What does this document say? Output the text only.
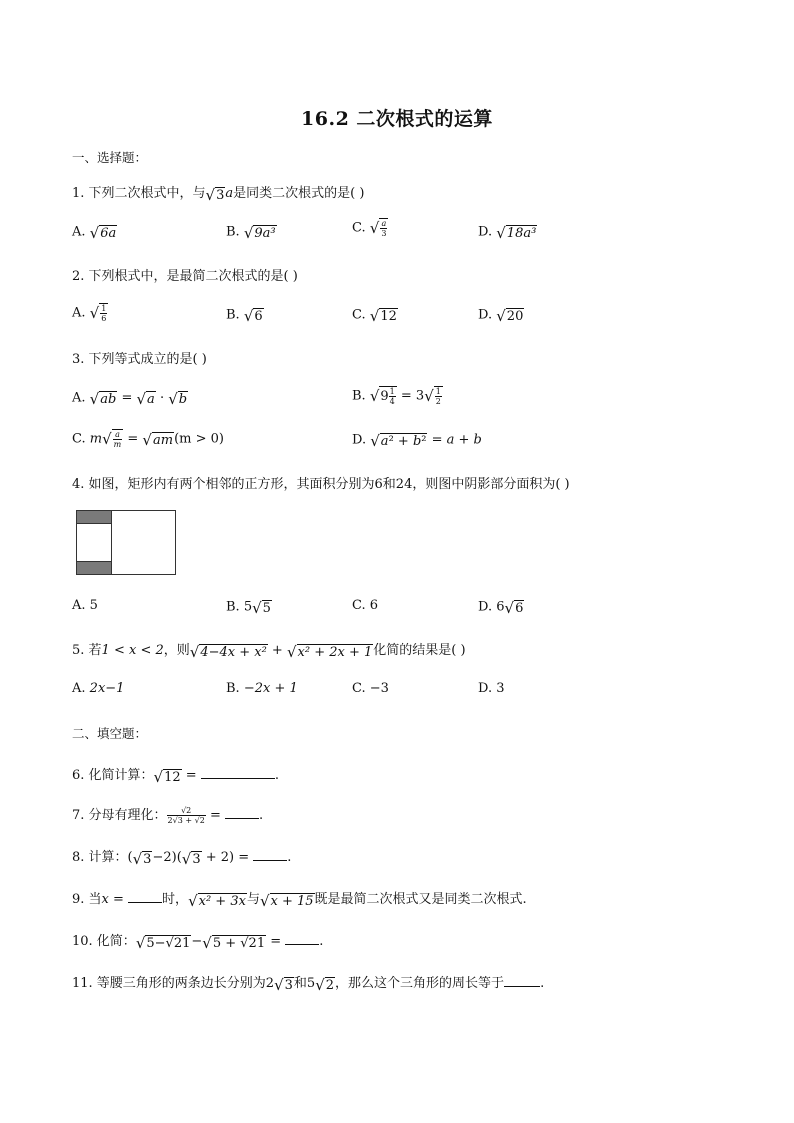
16.2 二次根式的运算
一、选择题：
1. 下列二次根式中，与√3a是同类二次根式的是( )
A. √6a	B. √9a³	C. √ $\frac{a}{3}$	D. √18a³
2. 下列根式中，是最简二次根式的是( )
A. √ $\frac{1}{6}$	B. √6	C. √12	D. √20
3. 下列等式成立的是( )
A. √ab = √a · √b	B. $√9 \frac{1}{4} = 3√ \frac{1}{2}$
C. $m√ \frac{a}{m} = √am(m > 0)$	D. √a² + b² = a + b
4. 如图，矩形内有两个相邻的正方形，其面积分别为6和24，则图中阴影部分面积为( )
A. 5	B. 5√5	C. 6	D. 6√6
5. 若1 < x < 2，则√4−4x + x² + √x² + 2x + 1化简的结果是( )
A. 2x−1	B. −2x + 1	C. −3	D. 3
二、填空题：
6. 化简计算：√12 =	.
7. 分母有理化： $\frac{√2}{2√3 + √2}$ =	.
8. 计算：(√3−2)(√3 + 2) =	.
9. 当x =	时，√x² + 3x与√x + 15既是最简二次根式又是同类二次根式.
10. 化简：√5−√21−√5 + √21 =	.
11. 等腰三角形的两条边长分别为2√3和5√2，那么这个三角形的周长等于	.
